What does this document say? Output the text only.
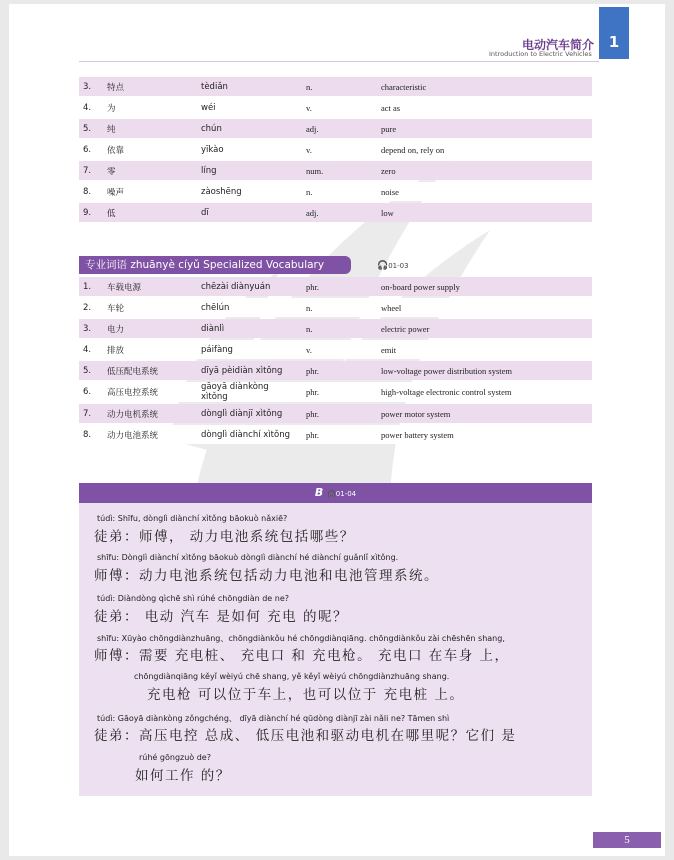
电动汽车简介
Introduction to Electric Vehicles
1
3.	特点	tèdiǎn	n.	characteristic
4.	为	wéi	v.	act as
5.	纯	chún	adj.	pure
6.	依靠	yīkào	v.	depend on, rely on
7.	零	líng	num.	zero
8.	噪声	zàoshēng	n.	noise
9.	低	dī	adj.	low
专业词语 zhuānyè cíyǔ Specialized Vocabulary	🎧01-03
1.	车载电源	chēzài diànyuán	phr.	on-board power supply
2.	车轮	chēlún	n.	wheel
3.	电力	diànlì	n.	electric power
4.	排放	páifàng	v.	emit
5.	低压配电系统	dīyā pèidiàn xìtǒng	phr.	low-voltage power distribution system
6.	高压电控系统	gāoyā diànkòng xìtǒng	phr.	high-voltage electronic control system
7.	动力电机系统	dònglì diànjī xìtǒng	phr.	power motor system
8.	动力电池系统	dònglì diànchí xìtǒng	phr.	power battery system
B 🎧01-04
túdì: Shīfu, dònglì diànchí xìtǒng bāokuò nǎxiē?
徒弟：师傅， 动力电池系统包括哪些？
shīfu: Dònglì diànchí xìtǒng bāokuò dònglì diànchí hé diànchí guǎnlǐ xìtǒng.
师傅：动力电池系统包括动力电池和电池管理系统。
túdì: Diàndòng qìchē shì rúhé chōngdiàn de ne?
徒弟： 电动 汽车 是如何 充电 的呢？
shīfu: Xūyào chōngdiànzhuāng、chōngdiànkǒu hé chōngdiànqiāng. chōngdiànkǒu zài chēshēn shang,
师傅：需要 充电桩、 充电口 和 充电枪。 充电口 在车身 上，
chōngdiànqiāng kěyǐ wèiyú chē shang, yě kěyǐ wèiyú chōngdiànzhuāng shang.
充电枪 可以位于车上，也可以位于 充电桩 上。
túdì: Gāoyā diànkòng zǒngchéng、 dīyā diànchí hé qūdòng diànjī zài nǎli ne? Tāmen shì
徒弟：高压电控 总成、 低压电池和驱动电机在哪里呢？它们 是
rúhé gōngzuò de?
如何工作 的？
5
